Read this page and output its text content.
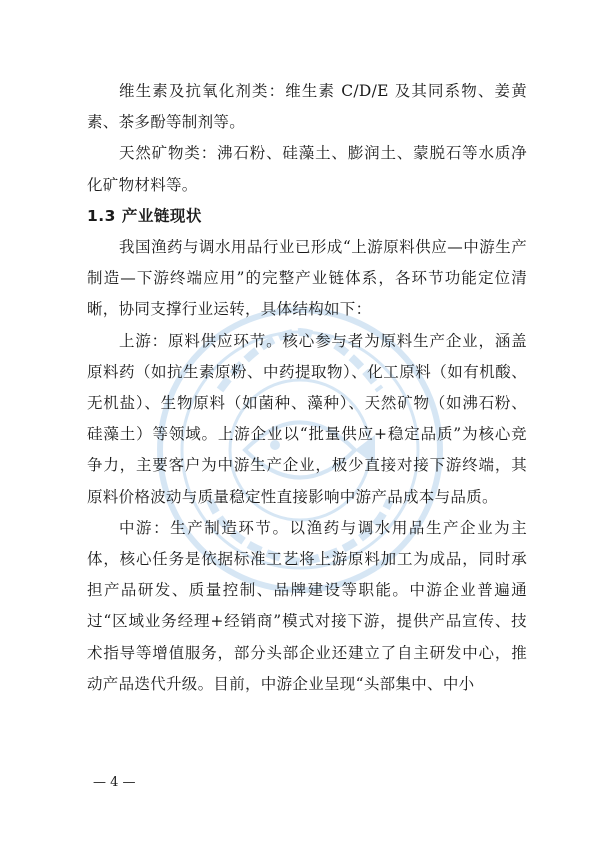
维生素及抗氧化剂类：维生素 C/D/E 及其同系物、姜黄素、茶多酚等制剂等。

天然矿物类：沸石粉、硅藻土、膨润土、蒙脱石等水质净化矿物材料等。

1.3 产业链现状

我国渔药与调水用品行业已形成“上游原料供应—中游生产制造—下游终端应用”的完整产业链体系，各环节功能定位清晰，协同支撑行业运转，具体结构如下：

上游：原料供应环节。核心参与者为原料生产企业，涵盖原料药（如抗生素原粉、中药提取物）、化工原料（如有机酸、无机盐）、生物原料（如菌种、藻种）、天然矿物（如沸石粉、硅藻土）等领域。上游企业以“批量供应+稳定品质”为核心竞争力，主要客户为中游生产企业，极少直接对接下游终端，其原料价格波动与质量稳定性直接影响中游产品成本与品质。

中游：生产制造环节。以渔药与调水用品生产企业为主体，核心任务是依据标准工艺将上游原料加工为成品，同时承担产品研发、质量控制、品牌建设等职能。中游企业普遍通过“区域业务经理+经销商”模式对接下游，提供产品宣传、技术指导等增值服务，部分头部企业还建立了自主研发中心，推动产品迭代升级。目前，中游企业呈现“头部集中、中小

— 4 —
